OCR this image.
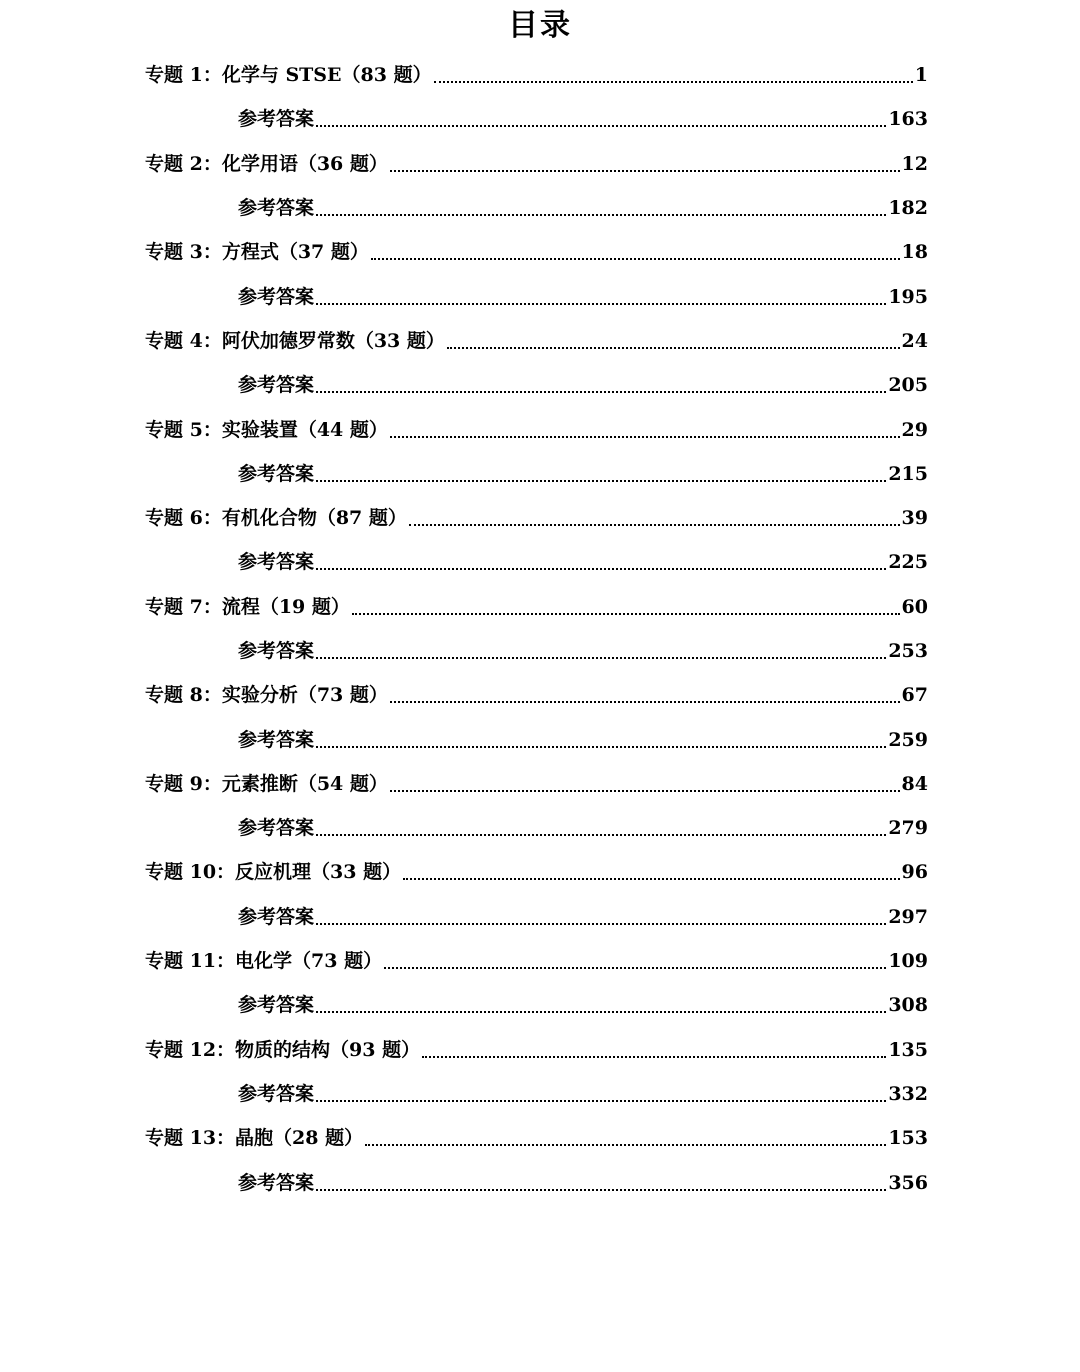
目录
专题 1：化学与 STSE（83 题）	1
参考答案	163
专题 2：化学用语（36 题）	12
参考答案	182
专题 3：方程式（37 题）	18
参考答案	195
专题 4：阿伏加德罗常数（33 题）	24
参考答案	205
专题 5：实验装置（44 题）	29
参考答案	215
专题 6：有机化合物（87 题）	39
参考答案	225
专题 7：流程（19 题）	60
参考答案	253
专题 8：实验分析（73 题）	67
参考答案	259
专题 9：元素推断（54 题）	84
参考答案	279
专题 10：反应机理（33 题）	96
参考答案	297
专题 11：电化学（73 题）	109
参考答案	308
专题 12：物质的结构（93 题）	135
参考答案	332
专题 13：晶胞（28 题）	153
参考答案	356
